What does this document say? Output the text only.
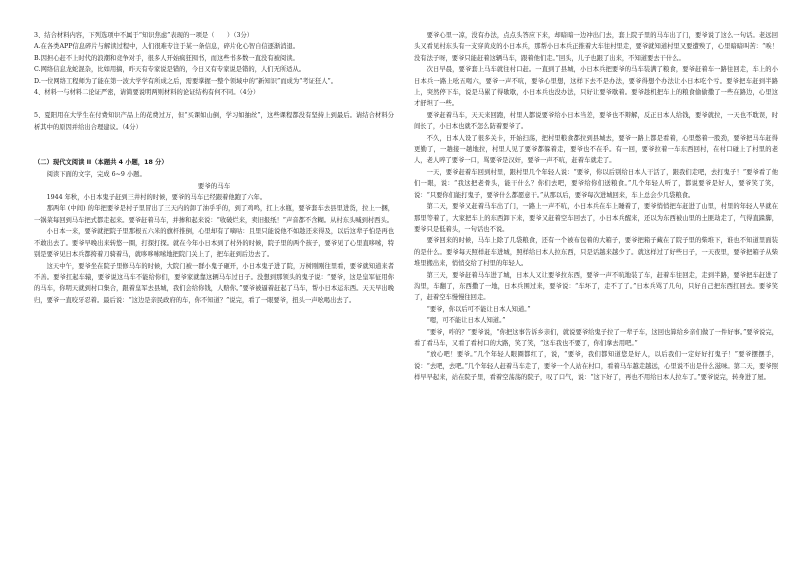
3、结合材料内容，下列选项中不属于“知识焦虑”表现的一项是（　　）（3分）

A.在各类APP信息碎片与解读过程中，人们很难专注于某一条信息，碎片化心智自信逐渐消退。

B.因担心赶不上时代的浪潮和竞争对手，很多人开始疯狂囤书，而这些书多数一直没有被阅读。

C.网络信息龙蛇混杂，比如用搞，昨天有专家说是错的，今日又有专家说是错的，人们无所适从。

D.一位网络工程师为了能在第一波大学学有所成之后，需要掌握一整个领域中的“新知识”而成为“考证狂人”。

4、材料一与材料二论证严密，请简要说明两则材料的论证结构有何不同。（4分）

5、夏阳用在大学生在付费知识产品上的花费过万，但“买课如山倒，学习如抽丝”，这些课程都没有坚持上到最后。请结合材料分析其中的原因并给出合理建议。（4分）

（二）现代文阅读 II（本题共 4 小题，18 分）

阅读下面的文字，完成 6~9 小题。

要爷的马车

1944 年秋，小日本鬼子赶到三井村的时候，要爷的马车已经跟着他跑了六年。

那两年 (中间) 的年把要爷是村子里冒出了三天内的卸了油乎乎的，到了鸡鸣，扛上水瓶，要爷套车去县里进货，拉上一捆，一锅菜每回到马车把式都走起来。要爷赶着马车，并掺和起来说：“收破烂来，卖旧报纸！”声音都不含糊。从村东头喊到村西头。

小日本一来，要爷就把院子里那根五六米的旗杆推倒，心里却有了嘀咕：且里只能说他不如趁还来得及，以后这辈子怕是再也不敢出去了。要爷早晚出来转悠一圈，打探打探。就在今年小日本到了村外的时候，院子里的两个孩子，要爷见了心里直哆嗦，特别是要爷见日本兵都挎着刀骑着马，就哆哆嗦嗦地把院门关上了，把车赶到后边去了。

这天中午，要爷坐在院子里修马车的时候，大院门被一群小鬼子砸开，小日本鬼子进了院，万树刚刚往里看，要爷就知道来者不善。要爷扛起车辕，要爷说这马车不能给你们，要爷家就靠这辆马车过日子。没想到那领头的鬼子说：“要爷，这是皇军征用你的马车，你明天就到村口集合，跟着皇军去县城，我们会给你钱，人赔你。”要爷被逼着赶起了马车，帮小日本运东西。天天早出晚归，要爷一直咬牙忍着。最后说：“这边是亲民政府的车，你不知道？”说完，看了一眼要爷，扭头一声吆喝出去了。

要爷心里一凉，没有办法，点点头答应下来，却暗暗一边冲出门去，套上院子里的马车出了门，要爷说了这么一句话。老远回头又看见村东头有一支穿黄皮的小日本兵，那帮小日本兵正推着大车往村里走，要爷就知道村里又要遭殃了，心里暗暗叫苦：“唉！没有法子呀，要爷只能赶着这辆马车，跟着他们走。”回头，儿子也跟了出来，不知道要去干什么。

次日早晨，要爷套上马车就往村口赶。一直到了县城，小日本兵把要爷的马车装满了粮食，要爷赶着车一路往回走，车上的小日本兵一路上吆五喝六，要爷一声不吭，要爷心里想，这样下去不是办法，要爷得想个办法让小日本吃个亏。要爷把车赶到半路上，突然停下车，说是马累了得歇歇，小日本兵也没办法，只好让要爷歇着。要爷趁机把车上的粮食偷偷撒了一些在路边，心里这才舒坦了一些。

要爷赶着马车，天天来回跑，村里人都说要爷给小日本当差，要爷也不辩解，反正日本人给钱，要爷就拉，一天也不耽误，时间长了，小日本也就不怎么防着要爷了。

不久，日本人设了很多关卡，开始扫荡，把村里粮食都拉到县城去，要爷一路上都是看着，心里憋着一股劲，要爷把马车赶得更勤了，一趟接一趟地拉，村里人见了要爷都躲着走，要爷也不在乎。有一回，要爷拉着一车东西回村，在村口碰上了村里的老人，老人啐了要爷一口，骂要爷是汉奸，要爷一声不吭，赶着车就走了。

一天，要爷赶着车回到村里，跟村里几个年轻人说：“要爷，你以后别给日本人干活了，跟我们走吧，去打鬼子！”要爷看了他们一眼，说：“我这把老骨头，能干什么？你们去吧，要爷给你们送粮食。”几个年轻人听了，都说要爷是好人，要爷笑了笑，说：“只要你们能打鬼子，要爷什么都愿意干。”从那以后，要爷每次进城回来，车上总会少几袋粮食。

第二天，要爷又赶着马车出了门，一路上一声不吭，小日本兵在车上睡着了，要爷悄悄把车赶进了山里，村里的年轻人早就在那里等着了，大家把车上的东西卸下来，要爷又赶着空车回去了，小日本兵醒来，还以为东西被山里的土匪劫走了，气得直跺脚，要爷只是低着头，一句话也不说。

要爷回来的时候，马车上除了几袋粮食，还有一个被布包着的大箱子，要爷把箱子藏在了院子里的柴堆下，谁也不知道里面装的是什么。要爷每天照样赶车进城，照样给日本人拉东西，只是话越来越少了。就这样过了好些日子，一天夜里，要爷把箱子从柴堆里搬出来，悄悄交给了村里的年轻人。

第三天，要爷赶着马车进了城，日本人又让要爷拉东西，要爷一声不吭地装了车，赶着车往回走，走到半路，要爷把车赶进了沟里，车翻了，东西撒了一地，日本兵围过来，要爷说：“车坏了，走不了了。”日本兵骂了几句，只好自己把东西扛回去。要爷笑了，赶着空车慢慢往回走。

“要爷，你以后可不能让日本人知道。”

“嗯，可不能让日本人知道。”

“要爷，咋的？”要爷说，“你把这事告诉乡亲们，就说要爷给鬼子拉了一辈子车，这回也算给乡亲们做了一件好事。”要爷说完，看了看马车，又看了看村口的大路，笑了笑，“这车我也不要了，你们拿去用吧。”

“放心吧！要爷。”几个年轻人眼圈都红了，说，“要爷，我们都知道您是好人，以后我们一定好好打鬼子！”要爷摆摆手，说：“去吧，去吧。”几个年轻人赶着马车走了，要爷一个人站在村口，看着马车越走越远，心里说不出是什么滋味。第二天，要爷照样早早起来，站在院子里，看着空荡荡的院子，叹了口气，说：“这下好了，再也不用给日本人拉车了。”要爷说完，转身进了屋。
